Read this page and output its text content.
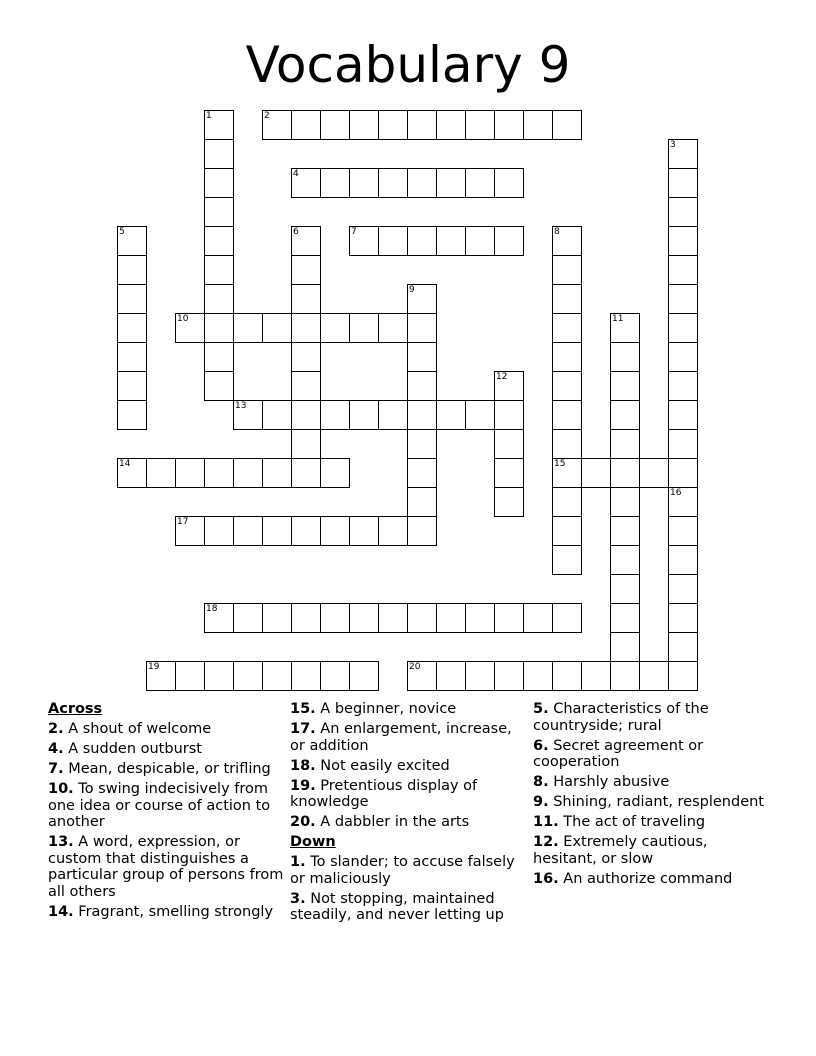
Vocabulary 9
1	2
3
4
5	6	7	8
15
9
10	11
12
13
14
16
17
18
19	20
Across
2. A shout of welcome
4. A sudden outburst
7. Mean, despicable, or trifling
10. To swing indecisively from one idea or course of action to another
13. A word, expression, or custom that distinguishes a particular group of persons from all others
14. Fragrant, smelling strongly
15. A beginner, novice
17. An enlargement, increase, or addition
18. Not easily excited
19. Pretentious display of knowledge
20. A dabbler in the arts
Down
1. To slander; to accuse falsely or maliciously
3. Not stopping, maintained steadily, and never letting up
5. Characteristics of the countryside; rural
6. Secret agreement or cooperation
8. Harshly abusive
9. Shining, radiant, resplendent
11. The act of traveling
12. Extremely cautious, hesitant, or slow
16. An authorize command
